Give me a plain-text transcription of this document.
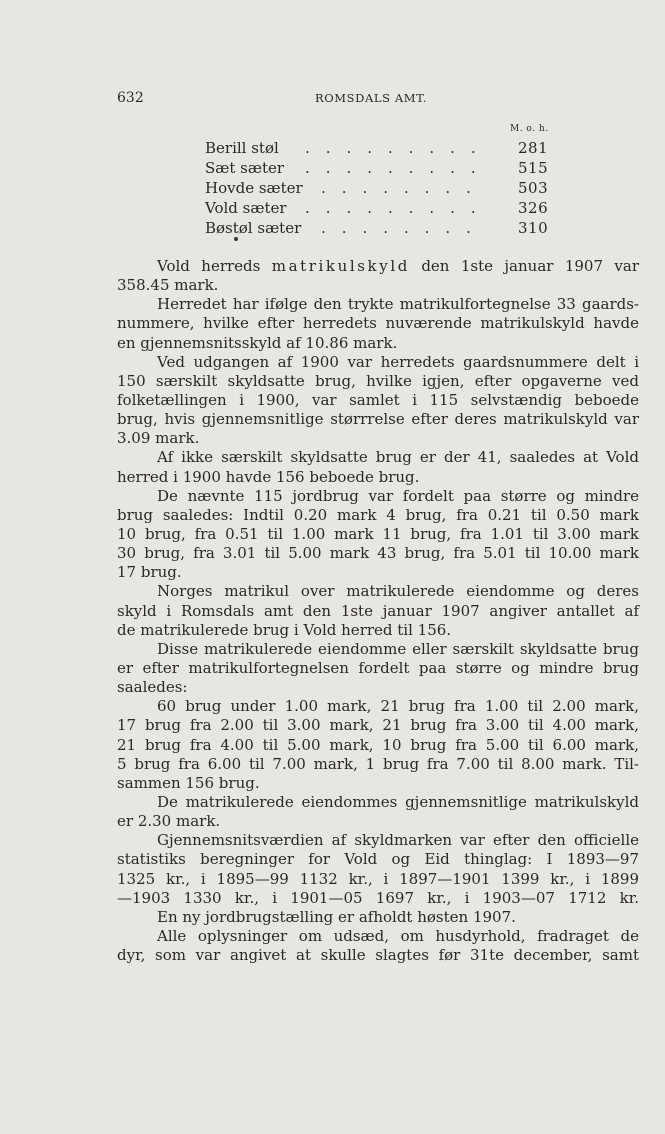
632	ROMSDALS AMT.
M. o. h.
Berill støl . . . . . . . . . 281
Sæt sæter . . . . . . . . . 515
Hovde sæter . . . . . . . .	503
Vold sæter . . . . . . . . . 326
Bøstøl sæter . . . . . . . .	310
Vold herreds matrikulskyld den 1ste januar 1907 var
358.45 mark.
Herredet har ifølge den trykte matrikulfortegnelse 33 gaards-
nummere, hvilke efter herredets nuværende matrikulskyld havde
en gjennemsnitsskyld af 10.86 mark.
Ved udgangen af 1900 var herredets gaardsnummere delt i
150 særskilt skyldsatte brug, hvilke igjen, efter opgaverne ved
folketællingen i 1900, var samlet i 115 selvstændig beboede
brug, hvis gjennemsnitlige størrrelse efter deres matrikulskyld var
3.09 mark.
Af ikke særskilt skyldsatte brug er der 41, saaledes at Vold
herred i 1900 havde 156 beboede brug.
De nævnte 115 jordbrug var fordelt paa større og mindre
brug saaledes: Indtil 0.20 mark 4 brug, fra 0.21 til 0.50 mark
10 brug, fra 0.51 til 1.00 mark 11 brug, fra 1.01 til 3.00 mark
30 brug, fra 3.01 til 5.00 mark 43 brug, fra 5.01 til 10.00 mark
17 brug.
Norges matrikul over matrikulerede eiendomme og deres
skyld i Romsdals amt den 1ste januar 1907 angiver antallet af
de matrikulerede brug i Vold herred til 156.
Disse matrikulerede eiendomme eller særskilt skyldsatte brug
er efter matrikulfortegnelsen fordelt paa større og mindre brug
saaledes:
60 brug under 1.00 mark, 21 brug fra 1.00 til 2.00 mark,
17 brug fra 2.00 til 3.00 mark, 21 brug fra 3.00 til 4.00 mark,
21 brug fra 4.00 til 5.00 mark, 10 brug fra 5.00 til 6.00 mark,
5 brug fra 6.00 til 7.00 mark, 1 brug fra 7.00 til 8.00 mark. Til-
sammen 156 brug.
De matrikulerede eiendommes gjennemsnitlige matrikulskyld
er 2.30 mark.
Gjennemsnitsværdien af skyldmarken var efter den officielle
statistiks beregninger for Vold og Eid thinglag: I 1893—97
1325 kr., i 1895—99 1132 kr., i 1897—1901 1399 kr., i 1899
—1903 1330 kr., i 1901—05 1697 kr., i 1903—07 1712 kr.
En ny jordbrugstælling er afholdt høsten 1907.
Alle oplysninger om udsæd, om husdyrhold, fradraget de
dyr, som var angivet at skulle slagtes før 31te december, samt
